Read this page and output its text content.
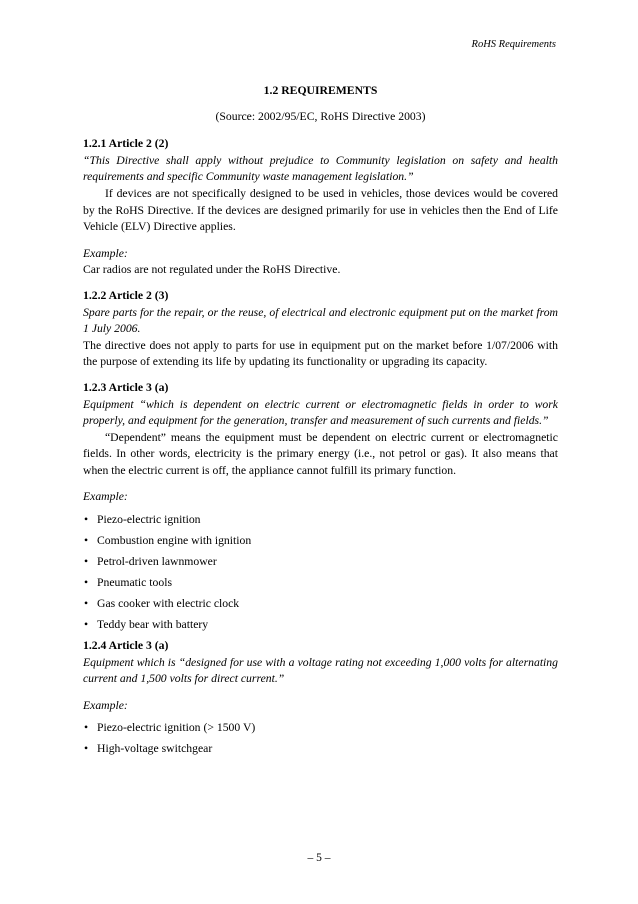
RoHS Requirements

1.2 REQUIREMENTS

(Source: 2002/95/EC, RoHS Directive 2003)

1.2.1 Article 2 (2)

“This Directive shall apply without prejudice to Community legislation on safety and health requirements and specific Community waste management legislation.”

If devices are not specifically designed to be used in vehicles, those devices would be covered by the RoHS Directive. If the devices are designed primarily for use in vehicles then the End of Life Vehicle (ELV) Directive applies.

Example:

Car radios are not regulated under the RoHS Directive.

1.2.2 Article 2 (3)

Spare parts for the repair, or the reuse, of electrical and electronic equipment put on the market from 1 July 2006.

The directive does not apply to parts for use in equipment put on the market before 1/07/2006 with the purpose of extending its life by updating its functionality or upgrading its capacity.

1.2.3 Article 3 (a)

Equipment “which is dependent on electric current or electromagnetic fields in order to work properly, and equipment for the generation, transfer and measurement of such currents and fields.”

“Dependent” means the equipment must be dependent on electric current or electromagnetic fields. In other words, electricity is the primary energy (i.e., not petrol or gas). It also means that when the electric current is off, the appliance cannot fulfill its primary function.

Example:

• Piezo-electric ignition
• Combustion engine with ignition
• Petrol-driven lawnmower
• Pneumatic tools
• Gas cooker with electric clock
• Teddy bear with battery

1.2.4 Article 3 (a)

Equipment which is “designed for use with a voltage rating not exceeding 1,000 volts for alternating current and 1,500 volts for direct current.”

Example:

• Piezo-electric ignition (> 1500 V)
• High-voltage switchgear
– 5 –
